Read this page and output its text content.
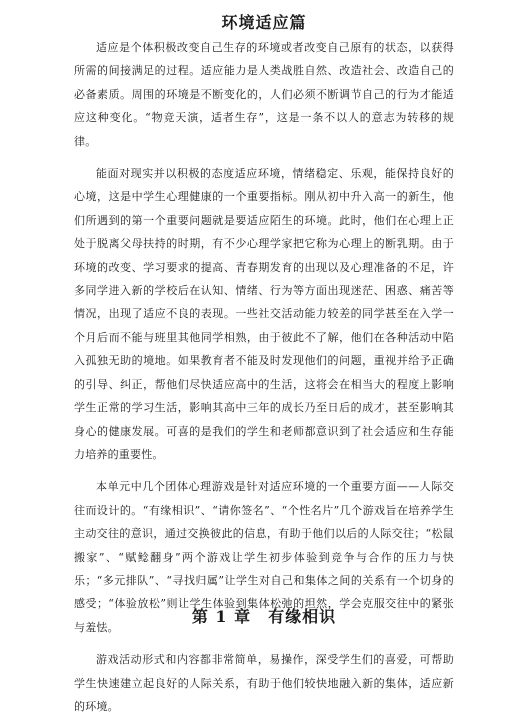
环境适应篇

适应是个体积极改变自己生存的环境或者改变自己原有的状态，以获得所需的间接满足的过程。适应能力是人类战胜自然、改造社会、改造自己的必备素质。周围的环境是不断变化的，人们必须不断调节自己的行为才能适应这种变化。“物竞天演，适者生存”，这是一条不以人的意志为转移的规律。

能面对现实并以积极的态度适应环境，情绪稳定、乐观，能保持良好的心境，这是中学生心理健康的一个重要指标。刚从初中升入高一的新生，他们所遇到的第一个重要问题就是要适应陌生的环境。此时，他们在心理上正处于脱离父母扶持的时期，有不少心理学家把它称为心理上的断乳期。由于环境的改变、学习要求的提高、青春期发育的出现以及心理准备的不足，许多同学进入新的学校后在认知、情绪、行为等方面出现迷茫、困惑、痛苦等情况，出现了适应不良的表现。一些社交活动能力较差的同学甚至在入学一个月后而不能与班里其他同学相熟，由于彼此不了解，他们在各种活动中陷入孤独无助的境地。如果教育者不能及时发现他们的问题，重视并给予正确的引导、纠正，帮他们尽快适应高中的生活，这将会在相当大的程度上影响学生正常的学习生活，影响其高中三年的成长乃至日后的成才，甚至影响其身心的健康发展。可喜的是我们的学生和老师都意识到了社会适应和生存能力培养的重要性。

本单元中几个团体心理游戏是针对适应环境的一个重要方面——人际交往而设计的。“有缘相识”、“请你签名”、“个性名片”几个游戏旨在培养学生主动交往的意识，通过交换彼此的信息，有助于他们以后的人际交往；“松鼠搬家”、“赋鲶翻身”两个游戏让学生初步体验到竞争与合作的压力与快乐；“多元排队”、“寻找归属”让学生对自己和集体之间的关系有一个切身的感受；“体验放松”则让学生体验到集体松弛的坦然，学会克服交往中的紧张与羞怯。

游戏活动形式和内容都非常简单，易操作，深受学生们的喜爱，可帮助学生快速建立起良好的人际关系，有助于他们较快地融入新的集体，适应新的环境。

第 1 章　有缘相识
